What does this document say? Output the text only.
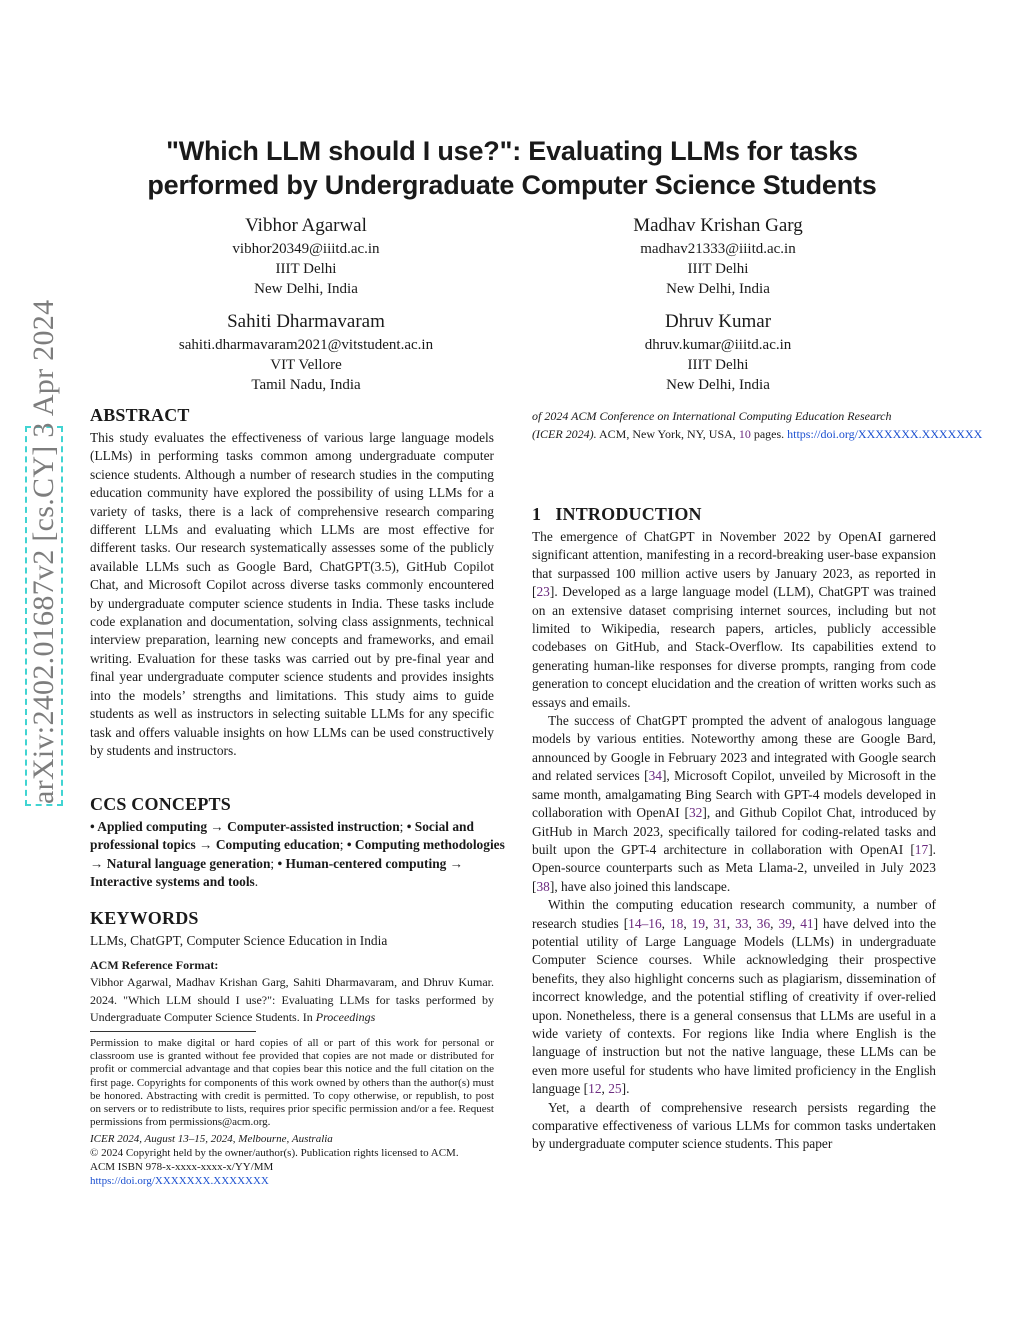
arXiv:2402.01687v2 [cs.CY] 3 Apr 2024
"Which LLM should I use?": Evaluating LLMs for tasks
performed by Undergraduate Computer Science Students
Vibhor Agarwal
vibhor20349@iiitd.ac.in
IIIT Delhi
New Delhi, India
Madhav Krishan Garg
madhav21333@iiitd.ac.in
IIIT Delhi
New Delhi, India
Sahiti Dharmavaram
sahiti.dharmavaram2021@vitstudent.ac.in
VIT Vellore
Tamil Nadu, India
Dhruv Kumar
dhruv.kumar@iiitd.ac.in
IIIT Delhi
New Delhi, India
ABSTRACT
This study evaluates the effectiveness of various large language models (LLMs) in performing tasks common among undergraduate computer science students. Although a number of research studies in the computing education community have explored the possibility of using LLMs for a variety of tasks, there is a lack of comprehensive research comparing different LLMs and evaluating which LLMs are most effective for different tasks. Our research systematically assesses some of the publicly available LLMs such as Google Bard, ChatGPT(3.5), GitHub Copilot Chat, and Microsoft Copilot across diverse tasks commonly encountered by undergraduate computer science students in India. These tasks include code explanation and documentation, solving class assignments, technical interview preparation, learning new concepts and frameworks, and email writing. Evaluation for these tasks was carried out by pre-final year and final year undergraduate computer science students and provides insights into the models’ strengths and limitations. This study aims to guide students as well as instructors in selecting suitable LLMs for any specific task and offers valuable insights on how LLMs can be used constructively by students and instructors.
CCS CONCEPTS
• Applied computing → Computer-assisted instruction; • Social and professional topics → Computing education; • Computing methodologies → Natural language generation; • Human-centered computing → Interactive systems and tools.
KEYWORDS
LLMs, ChatGPT, Computer Science Education in India
ACM Reference Format:
Vibhor Agarwal, Madhav Krishan Garg, Sahiti Dharmavaram, and Dhruv Kumar. 2024. "Which LLM should I use?": Evaluating LLMs for tasks performed by Undergraduate Computer Science Students. In Proceedings
Permission to make digital or hard copies of all or part of this work for personal or classroom use is granted without fee provided that copies are not made or distributed for profit or commercial advantage and that copies bear this notice and the full citation on the first page. Copyrights for components of this work owned by others than the author(s) must be honored. Abstracting with credit is permitted. To copy otherwise, or republish, to post on servers or to redistribute to lists, requires prior specific permission and/or a fee. Request permissions from permissions@acm.org.
ICER 2024, August 13–15, 2024, Melbourne, Australia
© 2024 Copyright held by the owner/author(s). Publication rights licensed to ACM.
ACM ISBN 978-x-xxxx-xxxx-x/YY/MM
https://doi.org/XXXXXXX.XXXXXXX
of 2024 ACM Conference on International Computing Education Research
(ICER 2024). ACM, New York, NY, USA, 10 pages. https://doi.org/XXXXXXX.XXXXXXX
1 INTRODUCTION

The emergence of ChatGPT in November 2022 by OpenAI garnered significant attention, manifesting in a record-breaking user-base expansion that surpassed 100 million active users by January 2023, as reported in [23]. Developed as a large language model (LLM), ChatGPT was trained on an extensive dataset comprising internet sources, including but not limited to Wikipedia, research papers, articles, publicly accessible codebases on GitHub, and Stack-Overflow. Its capabilities extend to generating human-like responses for diverse prompts, ranging from code generation to concept elucidation and the creation of written works such as essays and emails.

The success of ChatGPT prompted the advent of analogous language models by various entities. Noteworthy among these are Google Bard, announced by Google in February 2023 and integrated with Google search and related services [34], Microsoft Copilot, unveiled by Microsoft in the same month, amalgamating Bing Search with GPT-4 models developed in collaboration with OpenAI [32], and Github Copilot Chat, introduced by GitHub in March 2023, specifically tailored for coding-related tasks and built upon the GPT-4 architecture in collaboration with OpenAI [17]. Open-source counterparts such as Meta Llama-2, unveiled in July 2023 [38], have also joined this landscape.

Within the computing education research community, a number of research studies [14–16, 18, 19, 31, 33, 36, 39, 41] have delved into the potential utility of Large Language Models (LLMs) in undergraduate Computer Science courses. While acknowledging their prospective benefits, they also highlight concerns such as plagiarism, dissemination of incorrect knowledge, and the potential stifling of creativity if over-relied upon. Nonetheless, there is a general consensus that LLMs are useful in a wide variety of contexts. For regions like India where English is the language of instruction but not the native language, these LLMs can be even more useful for students who have limited proficiency in the English language [12, 25].

Yet, a dearth of comprehensive research persists regarding the comparative effectiveness of various LLMs for common tasks undertaken by undergraduate computer science students. This paper
